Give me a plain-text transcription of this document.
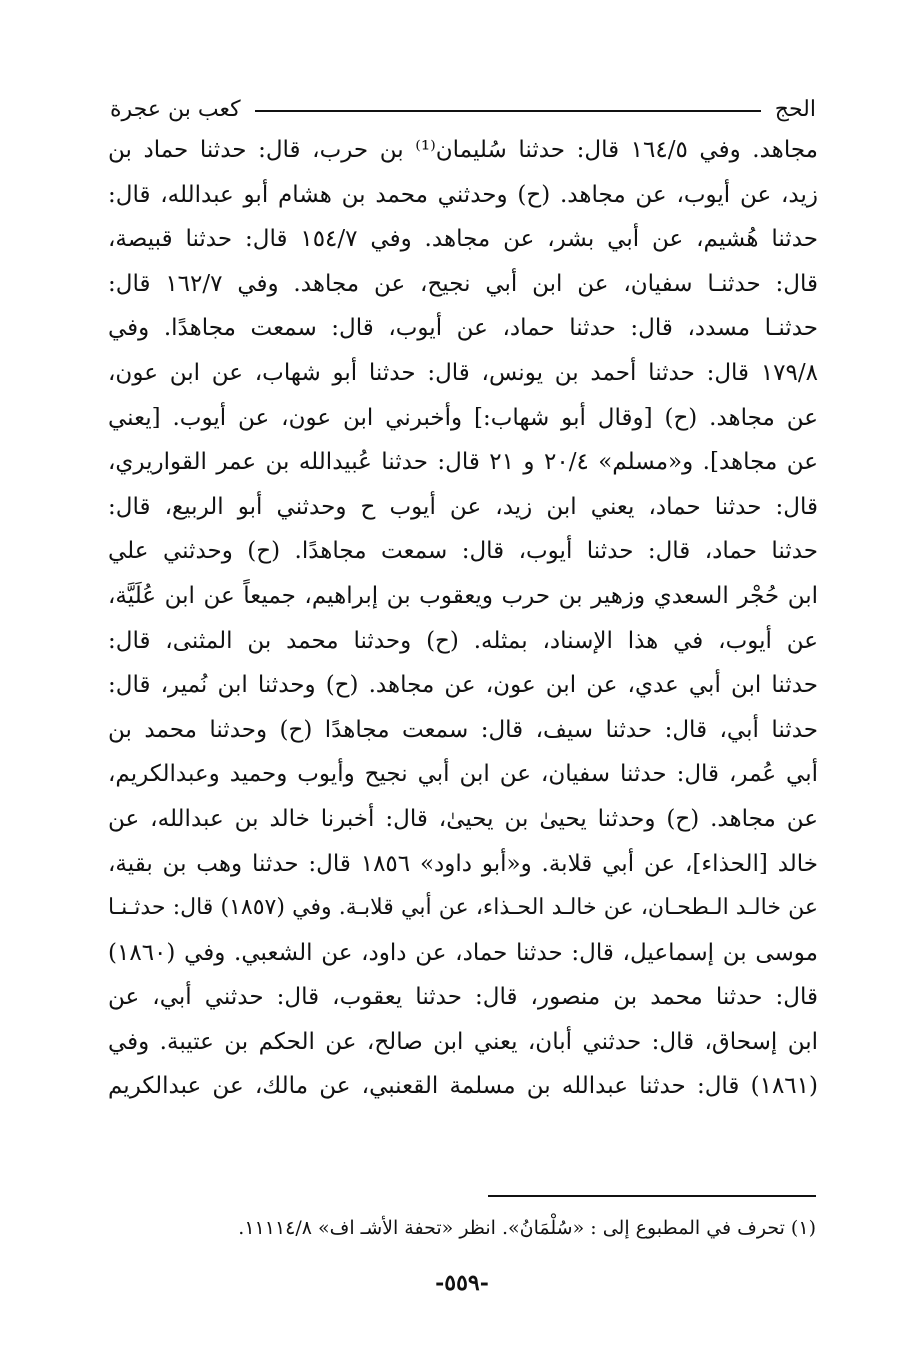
الحج
كعب بن عجرة
مجاهد. وفي ١٦٤/٥ قال: حدثنا سُليمان⁽¹⁾ بن حرب، قال: حدثنا حماد بن
زيد، عن أيوب، عن مجاهد. (ح) وحدثني محمد بن هشام أبو عبدالله، قال:
حدثنا هُشيم، عن أبي بشر، عن مجاهد. وفي ١٥٤/٧ قال: حدثنا قبيصة،
قال: حدثنـا سفيان، عن ابن أبي نجيح، عن مجاهد. وفي ١٦٢/٧ قال:
حدثنـا مسدد، قال: حدثنا حماد، عن أيوب، قال: سمعت مجاهدًا. وفي
١٧٩/٨ قال: حدثنا أحمد بن يونس، قال: حدثنا أبو شهاب، عن ابن عون،
عن مجاهد. (ح) [وقال أبو شهاب:] وأخبرني ابن عون، عن أيوب. [يعني
عن مجاهد]. و«مسلم» ٢٠/٤ و ٢١ قال: حدثنا عُبيدالله بن عمر القواريري،
قال: حدثنا حماد، يعني ابن زيد، عن أيوب ح وحدثني أبو الربيع، قال:
حدثنا حماد، قال: حدثنا أيوب، قال: سمعت مجاهدًا. (ح) وحدثني علي
ابن حُجْر السعدي وزهير بن حرب ويعقوب بن إبراهيم، جميعاً عن ابن عُلَيَّة،
عن أيوب، في هذا الإسناد، بمثله. (ح) وحدثنا محمد بن المثنى، قال:
حدثنا ابن أبي عدي، عن ابن عون، عن مجاهد. (ح) وحدثنا ابن نُمير، قال:
حدثنا أبي، قال: حدثنا سيف، قال: سمعت مجاهدًا (ح) وحدثنا محمد بن
أبي عُمر، قال: حدثنا سفيان، عن ابن أبي نجيح وأيوب وحميد وعبدالكريم،
عن مجاهد. (ح) وحدثنا يحيىٰ بن يحيىٰ، قال: أخبرنا خالد بن عبدالله، عن
خالد [الحذاء]، عن أبي قلابة. و«أبو داود» ١٨٥٦ قال: حدثنا وهب بن بقية،
عن خالـد الـطحـان، عن خالـد الحـذاء، عن أبي قلابـة. وفي (١٨٥٧) قال: حدثـنـا
موسى بن إسماعيل، قال: حدثنا حماد، عن داود، عن الشعبي. وفي (١٨٦٠)
قال: حدثنا محمد بن منصور، قال: حدثنا يعقوب، قال: حدثني أبي، عن
ابن إسحاق، قال: حدثني أبان، يعني ابن صالح، عن الحكم بن عتيبة. وفي
(١٨٦١) قال: حدثنا عبدالله بن مسلمة القعنبي، عن مالك، عن عبدالكريم
(١) تحرف في المطبوع إلى : «سُلْمَانُ». انظر «تحفة الأشـ اف» ١١١١٤/٨.
-٥٥٩-
